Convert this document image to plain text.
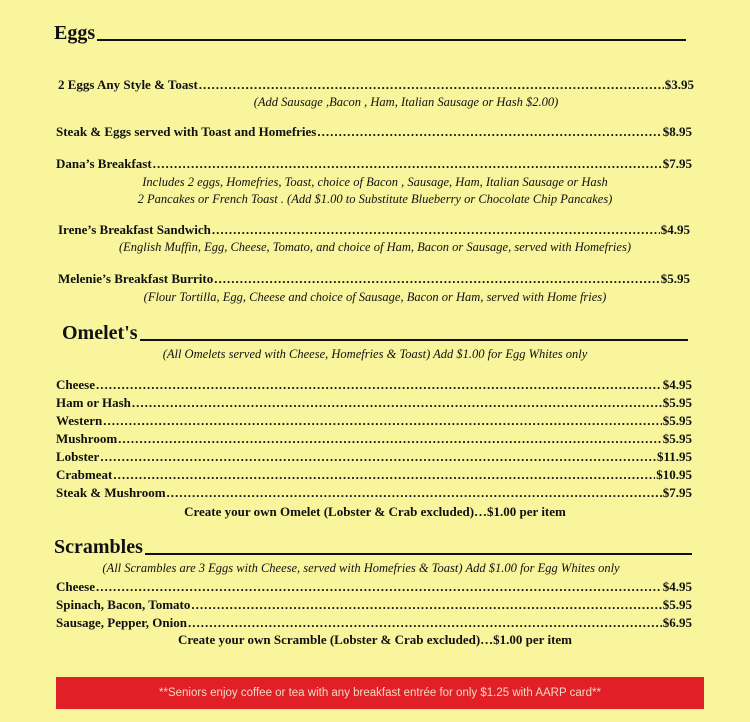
Eggs
2 Eggs Any Style & Toast .....	$3.95
(Add Sausage ,Bacon , Ham, Italian Sausage or Hash $2.00)
Steak & Eggs served with Toast and Homefries .....	$8.95
Dana’s Breakfast .....	$7.95
Includes 2 eggs, Homefries, Toast, choice of Bacon , Sausage, Ham, Italian Sausage or Hash
2 Pancakes or French Toast . (Add $1.00 to Substitute Blueberry or Chocolate Chip Pancakes)
Irene’s Breakfast Sandwich .....	$4.95
(English Muffin, Egg, Cheese, Tomato, and choice of Ham, Bacon or Sausage, served with Homefries)
Melenie’s Breakfast Burrito .....	$5.95
(Flour Tortilla, Egg, Cheese and choice of Sausage, Bacon or Ham, served with Home fries)
Omelet's
(All Omelets served with Cheese, Homefries & Toast) Add $1.00 for Egg Whites only
Cheese .....	$4.95
Ham or Hash .....	$5.95
Western .....	$5.95
Mushroom .....	$5.95
Lobster .....	$11.95
Crabmeat .....	$10.95
Steak & Mushroom .....	$7.95
Create your own Omelet (Lobster & Crab excluded)…$1.00 per item
Scrambles
(All Scrambles are 3 Eggs with Cheese, served with Homefries & Toast) Add $1.00 for Egg Whites only
Cheese .....	$4.95
Spinach, Bacon, Tomato .....	$5.95
Sausage, Pepper, Onion .....	$6.95
Create your own Scramble (Lobster & Crab excluded)…$1.00 per item
**Seniors enjoy coffee or tea with any breakfast entrée for only $1.25 with AARP card**
